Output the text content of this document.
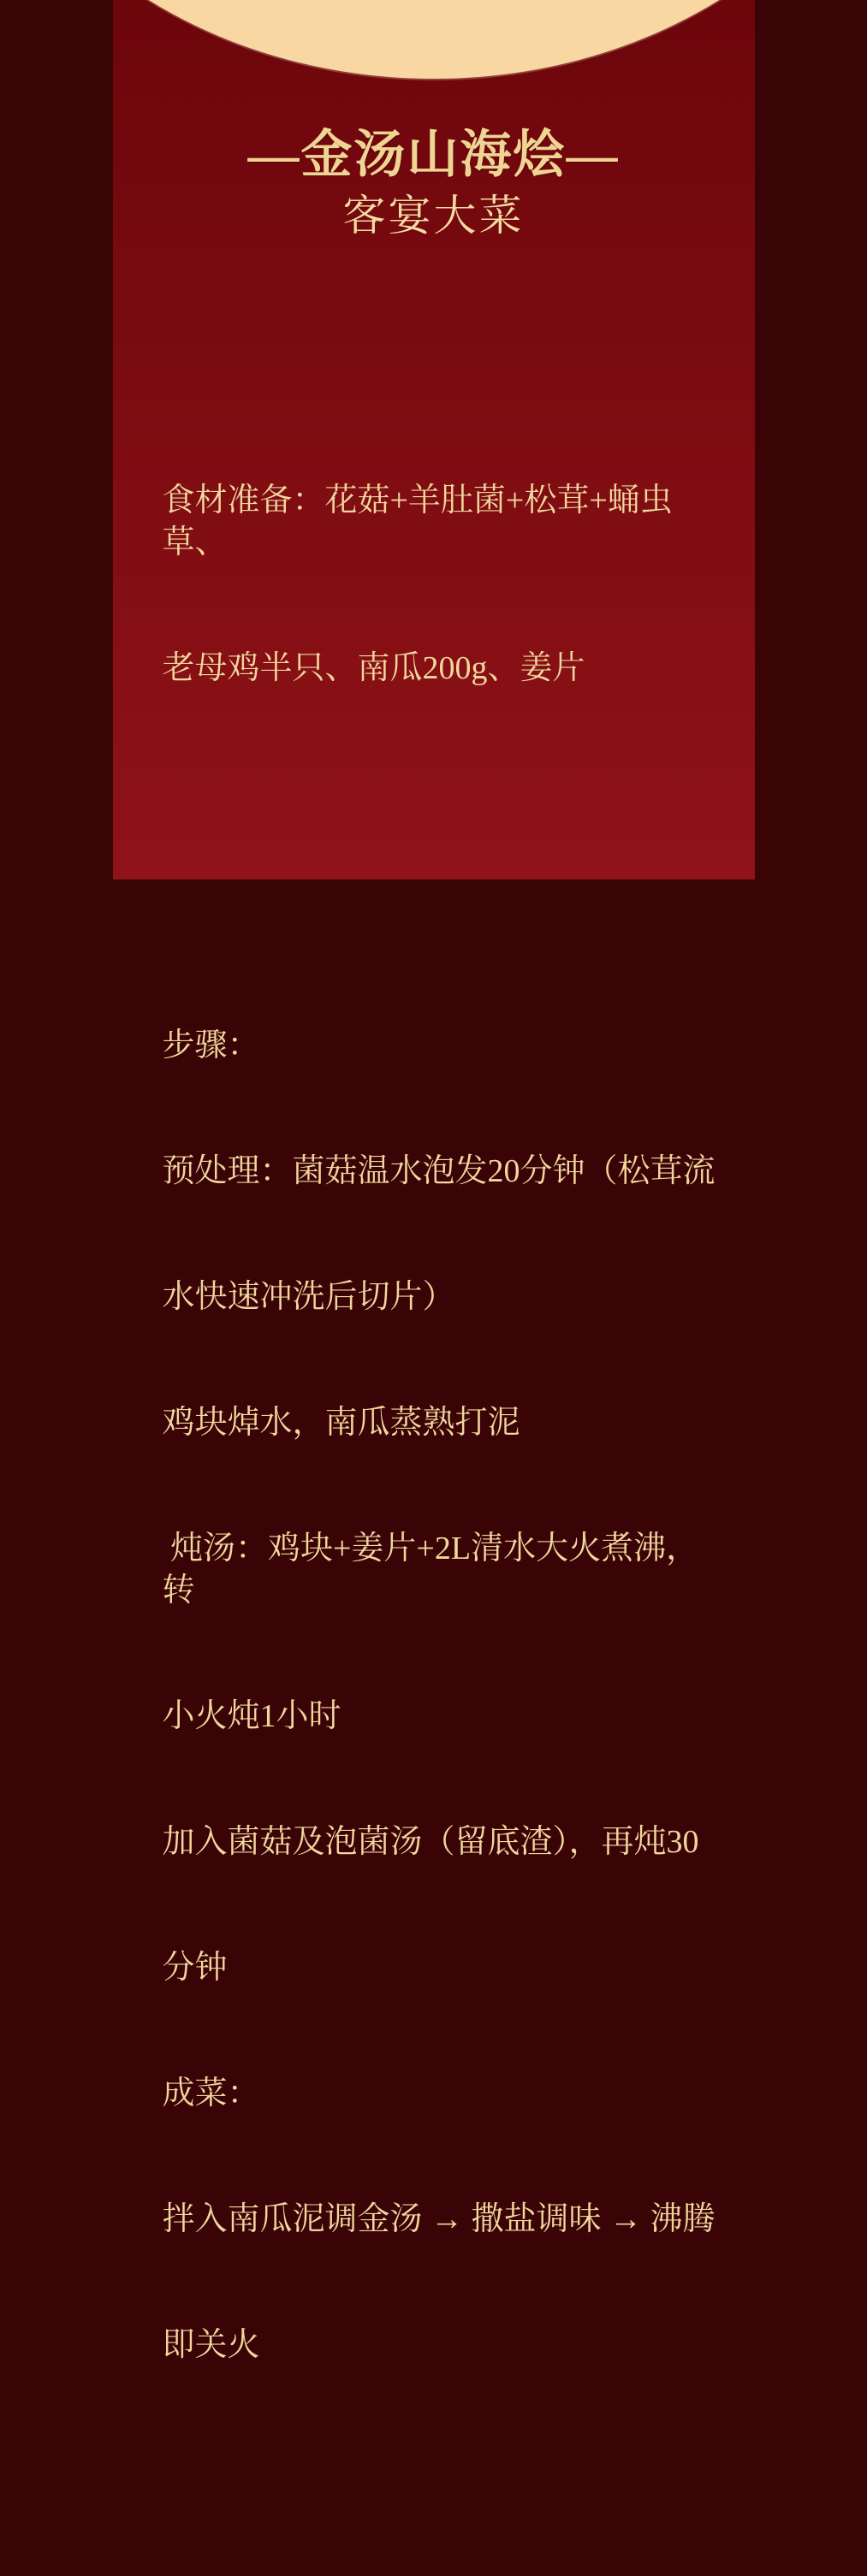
—金汤山海烩—
客宴大菜

食材准备：花菇+羊肚菌+松茸+蛹虫草、

老母鸡半只、南瓜200g、姜片

步骤：

预处理：菌菇温水泡发20分钟（松茸流

水快速冲洗后切片）

鸡块焯水，南瓜蒸熟打泥

炖汤：鸡块+姜片+2L清水大火煮沸，转

小火炖1小时

加入菌菇及泡菌汤（留底渣），再炖30

分钟

成菜：

拌入南瓜泥调金汤 → 撒盐调味 → 沸腾

即关火
